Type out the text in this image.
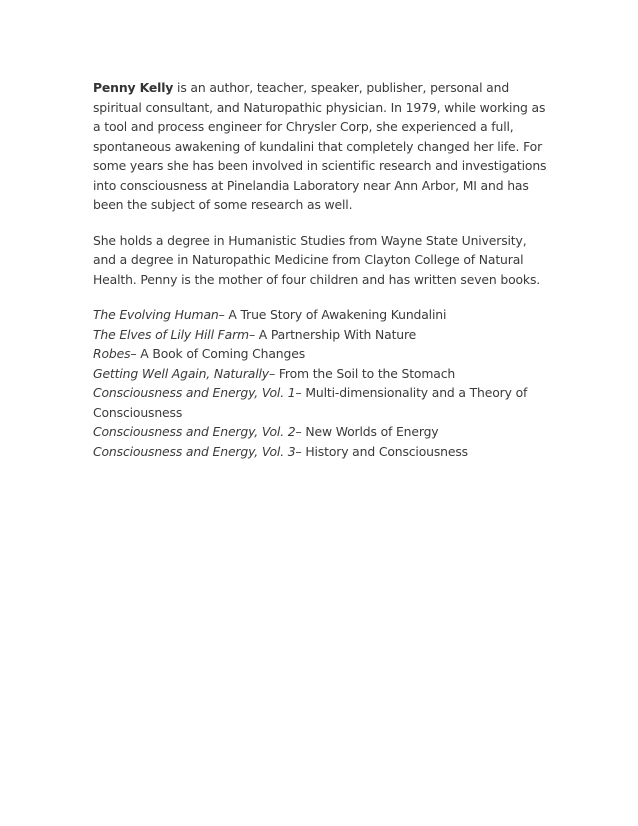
Penny Kelly is an author, teacher, speaker, publisher, personal and spiritual consultant, and Naturopathic physician. In 1979, while working as a tool and process engineer for Chrysler Corp, she experienced a full, spontaneous awakening of kundalini that completely changed her life. For some years she has been involved in scientific research and investigations into consciousness at Pinelandia Laboratory near Ann Arbor, MI and has been the subject of some research as well.

She holds a degree in Humanistic Studies from Wayne State University, and a degree in Naturopathic Medicine from Clayton College of Natural Health. Penny is the mother of four children and has written seven books.

The Evolving Human– A True Story of Awakening Kundalini
The Elves of Lily Hill Farm– A Partnership With Nature
Robes– A Book of Coming Changes
Getting Well Again, Naturally– From the Soil to the Stomach
Consciousness and Energy, Vol. 1– Multi-dimensionality and a Theory of Consciousness
Consciousness and Energy, Vol. 2– New Worlds of Energy
Consciousness and Energy, Vol. 3– History and Consciousness
